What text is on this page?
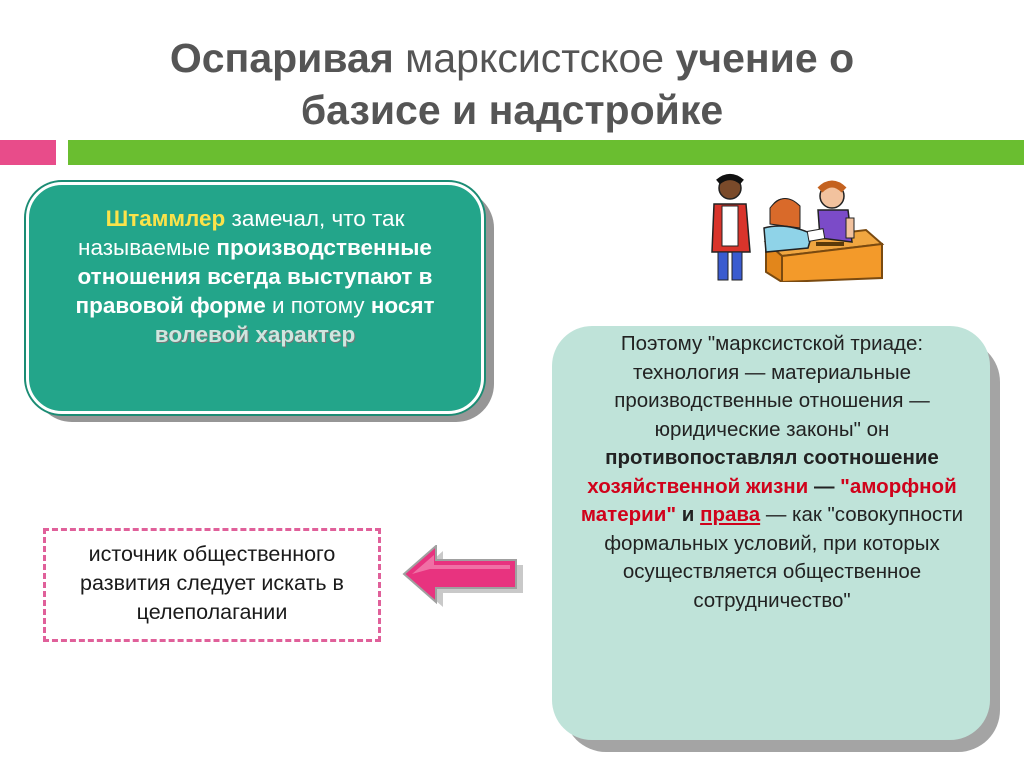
Оспаривая марксистское учение о
базисе и надстройке
Штаммлер замечал, что так называемые производственные отношения всегда выступают в правовой форме и потому носят
волевой характер	Поэтому "марксистской триаде: технология — материальные производственные отношения — юридические законы" он противопоставлял соотношение хозяйственной жизни — "аморфной материи" и права — как "совокупности формальных условий, при которых осуществляется общественное сотрудничество"
источник общественного развития следует искать в целеполагании
